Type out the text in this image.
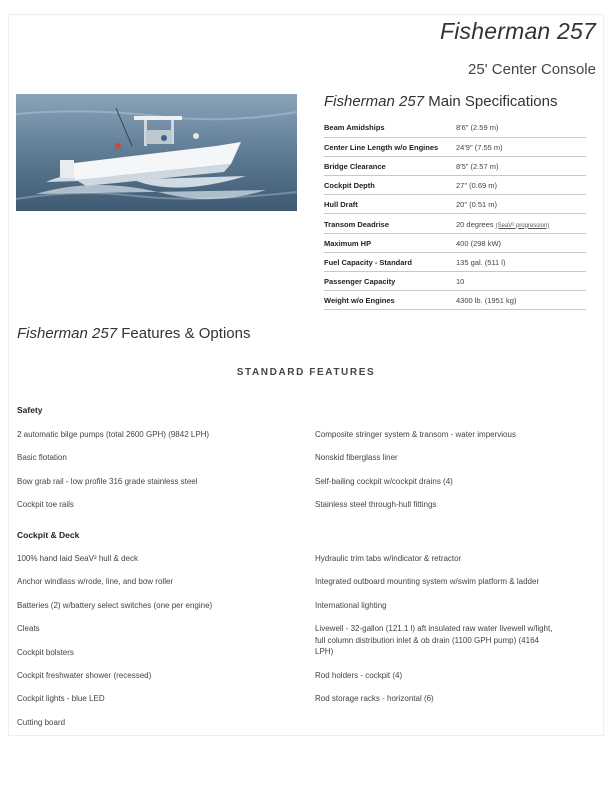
Fisherman 257
25' Center Console
Fisherman 257 Main Specifications
Beam Amidships	8'6" (2.59 m)
Center Line Length w/o Engines	24'9" (7.55 m)
Bridge Clearance	8'5" (2.57 m)
Cockpit Depth	27" (0.69 m)
Hull Draft	20" (0.51 m)
Transom Deadrise	20 degrees (SeaV² progression)
Maximum HP	400 (298 kW)
Fuel Capacity - Standard	135 gal. (511 l)
Passenger Capacity	10
Weight w/o Engines	4300 lb. (1951 kg)
Fisherman 257 Features & Options
STANDARD FEATURES
Safety
2 automatic bilge pumps (total 2600 GPH) (9842 LPH)
Basic flotation
Bow grab rail - low profile 316 grade stainless steel
Cockpit toe rails
Composite stringer system & transom - water impervious
Nonskid fiberglass liner
Self-bailing cockpit w/cockpit drains (4)
Stainless steel through-hull fittings
Cockpit & Deck
100% hand laid SeaV² hull & deck
Anchor windlass w/rode, line, and bow roller
Batteries (2) w/battery select switches (one per engine)
Cleats
Cockpit bolsters
Cockpit freshwater shower (recessed)
Cockpit lights - blue LED
Cutting board
Hydraulic trim tabs w/indicator & retractor
Integrated outboard mounting system w/swim platform & ladder
International lighting
Livewell - 32-gallon (121.1 l) aft insulated raw water livewell w/light, full column distribution inlet & ob drain (1100 GPH pump) (4164 LPH)
Rod holders - cockpit (4)
Rod storage racks - horizontal (6)
